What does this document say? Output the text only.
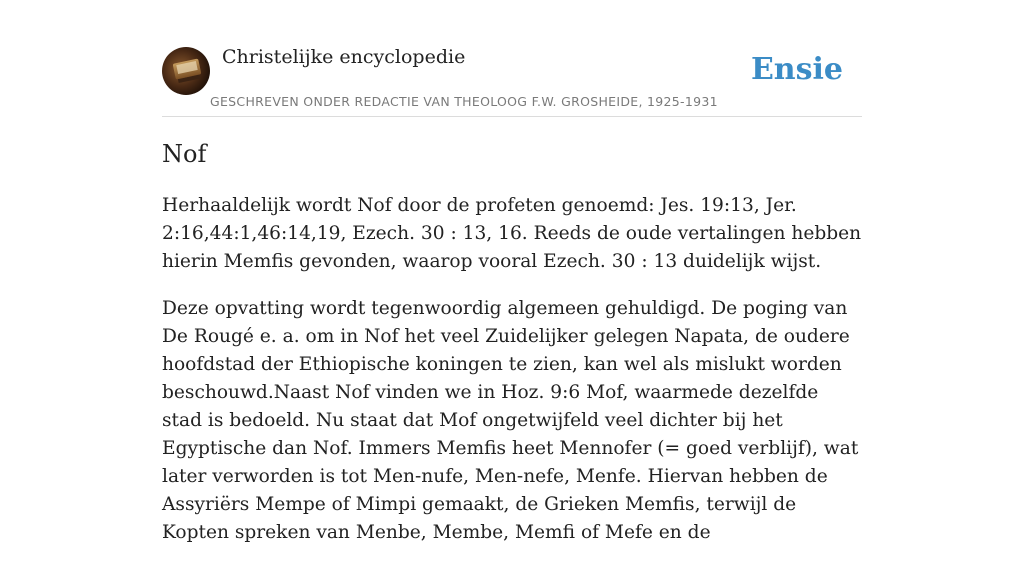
Christelijke encyclopedie
GESCHREVEN ONDER REDACTIE VAN THEOLOOG F.W. GROSHEIDE, 1925-1931
Ensie
Nof

Herhaaldelijk wordt Nof door de profeten genoemd: Jes. 19:13, Jer. 2:16,44:1,46:14,19, Ezech. 30 : 13, 16. Reeds de oude vertalingen hebben hierin Memfis gevonden, waarop vooral Ezech. 30 : 13 duidelijk wijst.

Deze opvatting wordt tegenwoordig algemeen gehuldigd. De poging van De Rougé e. a. om in Nof het veel Zuidelijker gelegen Napata, de oudere hoofdstad der Ethiopische koningen te zien, kan wel als mislukt worden beschouwd.Naast Nof vinden we in Hoz. 9:6 Mof, waarmede dezelfde stad is bedoeld. Nu staat dat Mof ongetwijfeld veel dichter bij het Egyptische dan Nof. Immers Memfis heet Mennofer (= goed verblijf), wat later verworden is tot Men-nufe, Men-nefe, Menfe. Hiervan hebben de Assyriërs Mempe of Mimpi gemaakt, de Grieken Memfis, terwijl de Kopten spreken van Menbe, Membe, Memfi of Mefe en de
